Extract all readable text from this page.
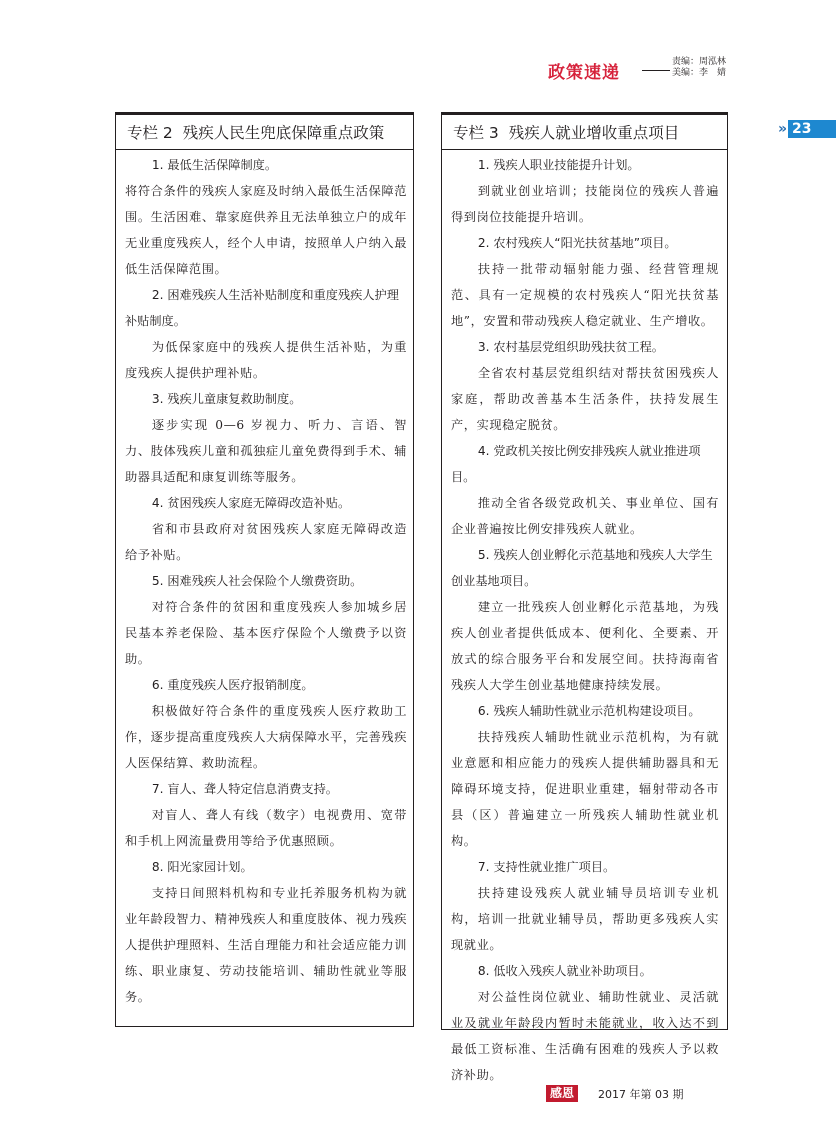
政策速递
责编：周泓林
美编：李　婧
» 23
专栏 2 残疾人民生兜底保障重点政策

1. 最低生活保障制度。

将符合条件的残疾人家庭及时纳入最低生活保障范围。生活困难、靠家庭供养且无法单独立户的成年无业重度残疾人，经个人申请，按照单人户纳入最低生活保障范围。

2. 困难残疾人生活补贴制度和重度残疾人护理补贴制度。

为低保家庭中的残疾人提供生活补贴，为重度残疾人提供护理补贴。

3. 残疾儿童康复救助制度。

逐步实现 0—6 岁视力、听力、言语、智力、肢体残疾儿童和孤独症儿童免费得到手术、辅助器具适配和康复训练等服务。

4. 贫困残疾人家庭无障碍改造补贴。

省和市县政府对贫困残疾人家庭无障碍改造给予补贴。

5. 困难残疾人社会保险个人缴费资助。

对符合条件的贫困和重度残疾人参加城乡居民基本养老保险、基本医疗保险个人缴费予以资助。

6. 重度残疾人医疗报销制度。

积极做好符合条件的重度残疾人医疗救助工作，逐步提高重度残疾人大病保障水平，完善残疾人医保结算、救助流程。

7. 盲人、聋人特定信息消费支持。

对盲人、聋人有线（数字）电视费用、宽带和手机上网流量费用等给予优惠照顾。

8. 阳光家园计划。

支持日间照料机构和专业托养服务机构为就业年龄段智力、精神残疾人和重度肢体、视力残疾人提供护理照料、生活自理能力和社会适应能力训练、职业康复、劳动技能培训、辅助性就业等服务。

专栏 3 残疾人就业增收重点项目

1. 残疾人职业技能提升计划。

到就业创业培训；技能岗位的残疾人普遍得到岗位技能提升培训。

2. 农村残疾人“阳光扶贫基地”项目。

扶持一批带动辐射能力强、经营管理规范、具有一定规模的农村残疾人“阳光扶贫基地”，安置和带动残疾人稳定就业、生产增收。

3. 农村基层党组织助残扶贫工程。

全省农村基层党组织结对帮扶贫困残疾人家庭，帮助改善基本生活条件，扶持发展生产，实现稳定脱贫。

4. 党政机关按比例安排残疾人就业推进项目。

推动全省各级党政机关、事业单位、国有企业普遍按比例安排残疾人就业。

5. 残疾人创业孵化示范基地和残疾人大学生创业基地项目。

建立一批残疾人创业孵化示范基地，为残疾人创业者提供低成本、便利化、全要素、开放式的综合服务平台和发展空间。扶持海南省残疾人大学生创业基地健康持续发展。

6. 残疾人辅助性就业示范机构建设项目。

扶持残疾人辅助性就业示范机构，为有就业意愿和相应能力的残疾人提供辅助器具和无障碍环境支持，促进职业重建，辐射带动各市县（区）普遍建立一所残疾人辅助性就业机构。

7. 支持性就业推广项目。

扶持建设残疾人就业辅导员培训专业机构，培训一批就业辅导员，帮助更多残疾人实现就业。

8. 低收入残疾人就业补助项目。

对公益性岗位就业、辅助性就业、灵活就业及就业年龄段内暂时未能就业，收入达不到最低工资标准、生活确有困难的残疾人予以救济补助。

感恩	2017 年第 03 期
